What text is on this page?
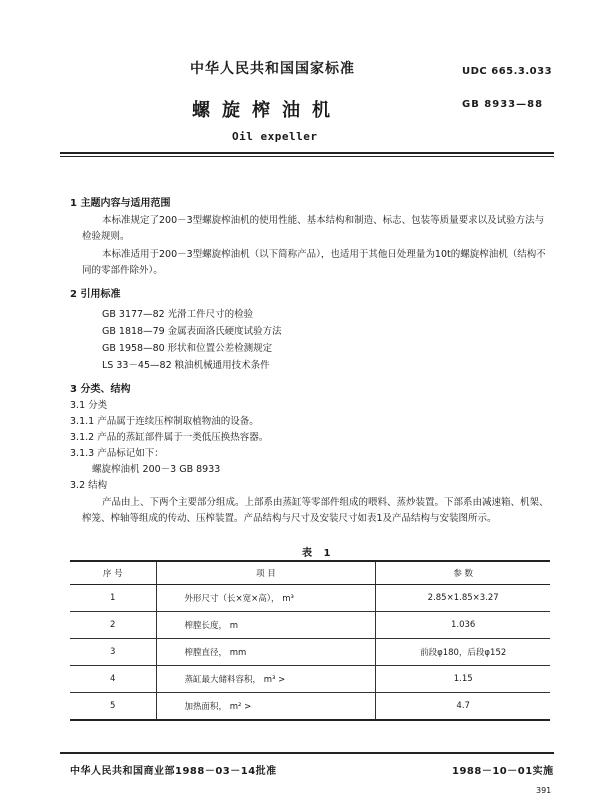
中华人民共和国国家标准	UDC 665.3.033
螺旋榨油机	GB 8933—88
Oil expeller
1 主题内容与适用范围
本标准规定了200－3型螺旋榨油机的使用性能、基本结构和制造、标志、包装等质量要求以及试验方法与检验规则。
本标准适用于200－3型螺旋榨油机（以下简称产品），也适用于其他日处理量为10t的螺旋榨油机（结构不同的零部件除外）。
2 引用标准
GB 3177—82 光滑工件尺寸的检验
GB 1818—79 金属表面洛氏硬度试验方法
GB 1958—80 形状和位置公差检测规定
LS 33－45—82 粮油机械通用技术条件
3 分类、结构
3.1 分类
3.1.1 产品属于连续压榨制取植物油的设备。
3.1.2 产品的蒸缸部件属于一类低压换热容器。
3.1.3 产品标记如下：
螺旋榨油机 200－3 GB 8933
3.2 结构
产品由上、下两个主要部分组成。上部系由蒸缸等零部件组成的喂料、蒸炒装置。下部系由减速箱、机架、榨笼、榨轴等组成的传动、压榨装置。产品结构与尺寸及安装尺寸如表1及产品结构与安装图所示。
表 1
序 号	项 目	参 数
1	外形尺寸（长×宽×高）， m³	2.85×1.85×3.27
2	榨膛长度， m	1.036
3	榨膛直径， mm	前段φ180，后段φ152
4	蒸缸最大储料容积， m³ >	1.15
5	加热面积， m² >	4.7
中华人民共和国商业部1988－03－14批准	1988－10－01实施
391
